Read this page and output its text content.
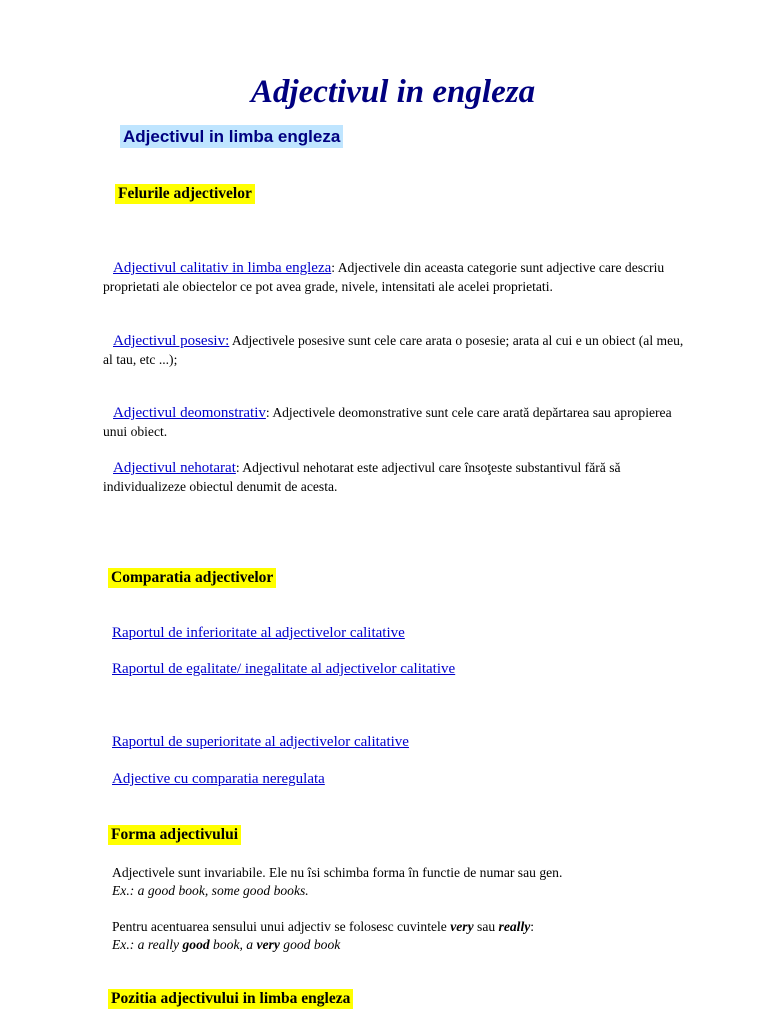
Adjectivul in engleza
Adjectivul in limba engleza
Felurile adjectivelor
Adjectivul calitativ in limba engleza: Adjectivele din aceasta categorie sunt adjective care descriu proprietati ale obiectelor ce pot avea grade, nivele, intensitati ale acelei proprietati.
Adjectivul posesiv: Adjectivele posesive sunt cele care arata o posesie; arata al cui e un obiect (al meu, al tau, etc ...);
Adjectivul deomonstrativ: Adjectivele deomonstrative sunt cele care arată depărtarea sau apropierea unui obiect.
Adjectivul nehotarat: Adjectivul nehotarat este adjectivul care însoţeste substantivul fără să individualizeze obiectul denumit de acesta.
Comparatia adjectivelor
Raportul de inferioritate al adjectivelor calitative
Raportul de egalitate/ inegalitate al adjectivelor calitative
Raportul de superioritate al adjectivelor calitative
Adjective cu comparatia neregulata
Forma adjectivului
Adjectivele sunt invariabile. Ele nu îsi schimba forma în functie de numar sau gen.
Ex.: a good book, some good books.
Pentru acentuarea sensului unui adjectiv se folosesc cuvintele very sau really:
Ex.: a really good book, a very good book
Pozitia adjectivului in limba engleza
